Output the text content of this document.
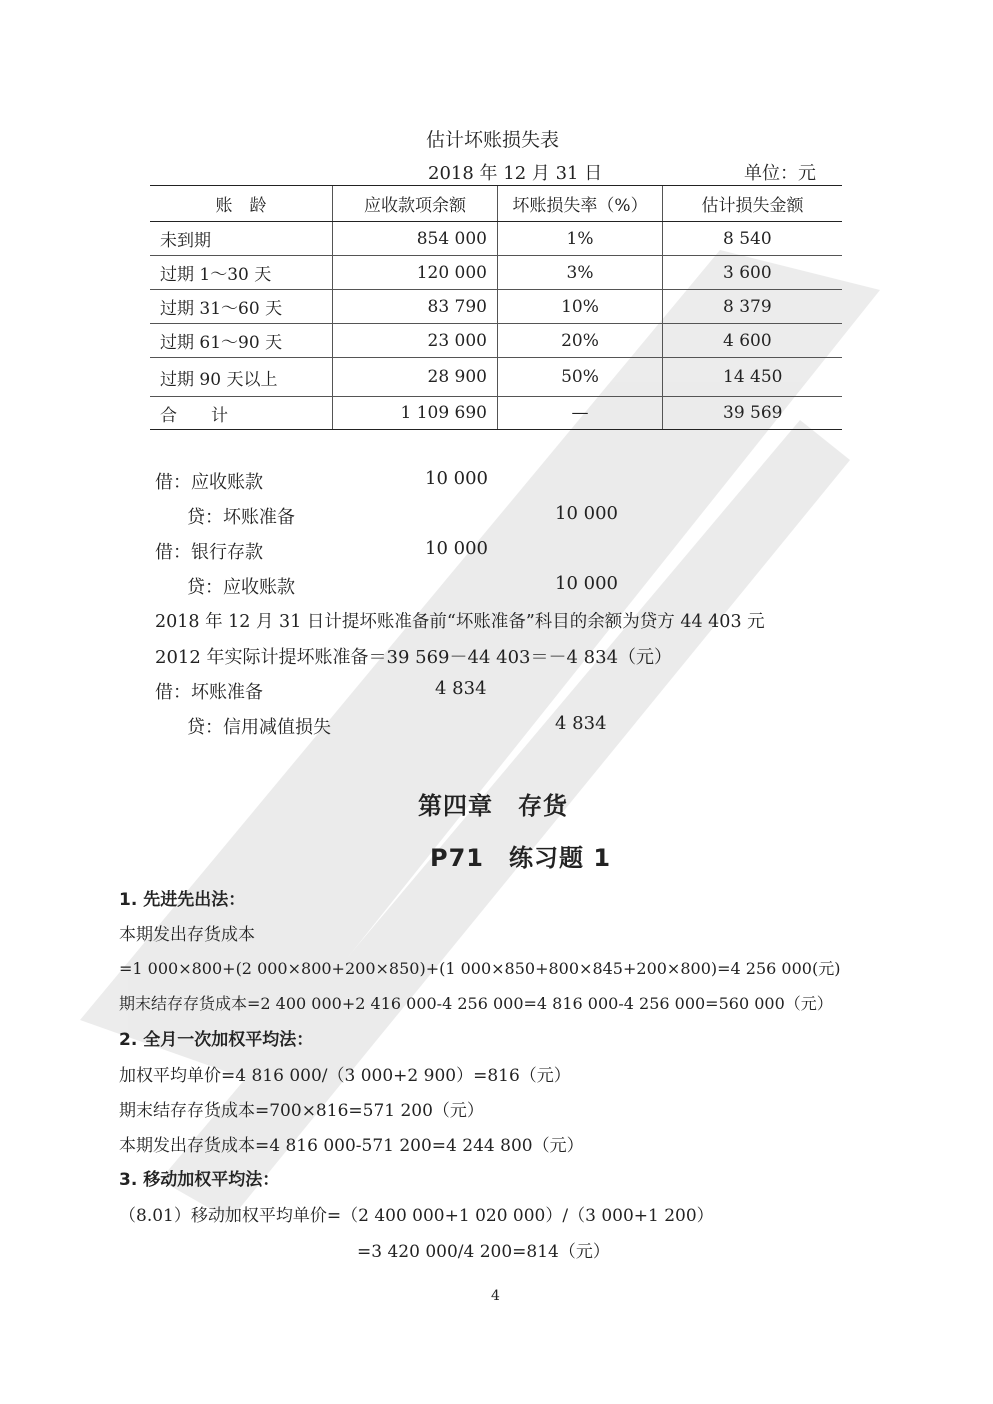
估计坏账损失表
2018 年 12 月 31 日	单位：元
账　龄	应收款项余额	坏账损失率（%）	估计损失金额
未到期	854 000	1%	8 540
过期 1～30 天	120 000	3%	3 600
过期 31～60 天	83 790	10%	8 379
过期 61～90 天	23 000	20%	4 600
过期 90 天以上	28 900	50%	14 450
合　　计	1 109 690	—	39 569
借：应收账款	10 000
贷：坏账准备	10 000
借：银行存款	10 000
贷：应收账款	10 000
2018 年 12 月 31 日计提坏账准备前“坏账准备”科目的余额为贷方 44 403 元
2012 年实际计提坏账准备＝39 569－44 403＝－4 834（元）
借：坏账准备	4 834
贷：信用减值损失	4 834
第四章　存货
P71　练习题 1
1. 先进先出法：
本期发出存货成本
=1 000×800+(2 000×800+200×850)+(1 000×850+800×845+200×800)=4 256 000(元)
期末结存存货成本=2 400 000+2 416 000-4 256 000=4 816 000-4 256 000=560 000（元）
2. 全月一次加权平均法：
加权平均单价=4 816 000/（3 000+2 900）=816（元）
期末结存存货成本=700×816=571 200（元）
本期发出存货成本=4 816 000-571 200=4 244 800（元）
3. 移动加权平均法：
（8.01）移动加权平均单价=（2 400 000+1 020 000）/（3 000+1 200）
=3 420 000/4 200=814（元）
4
